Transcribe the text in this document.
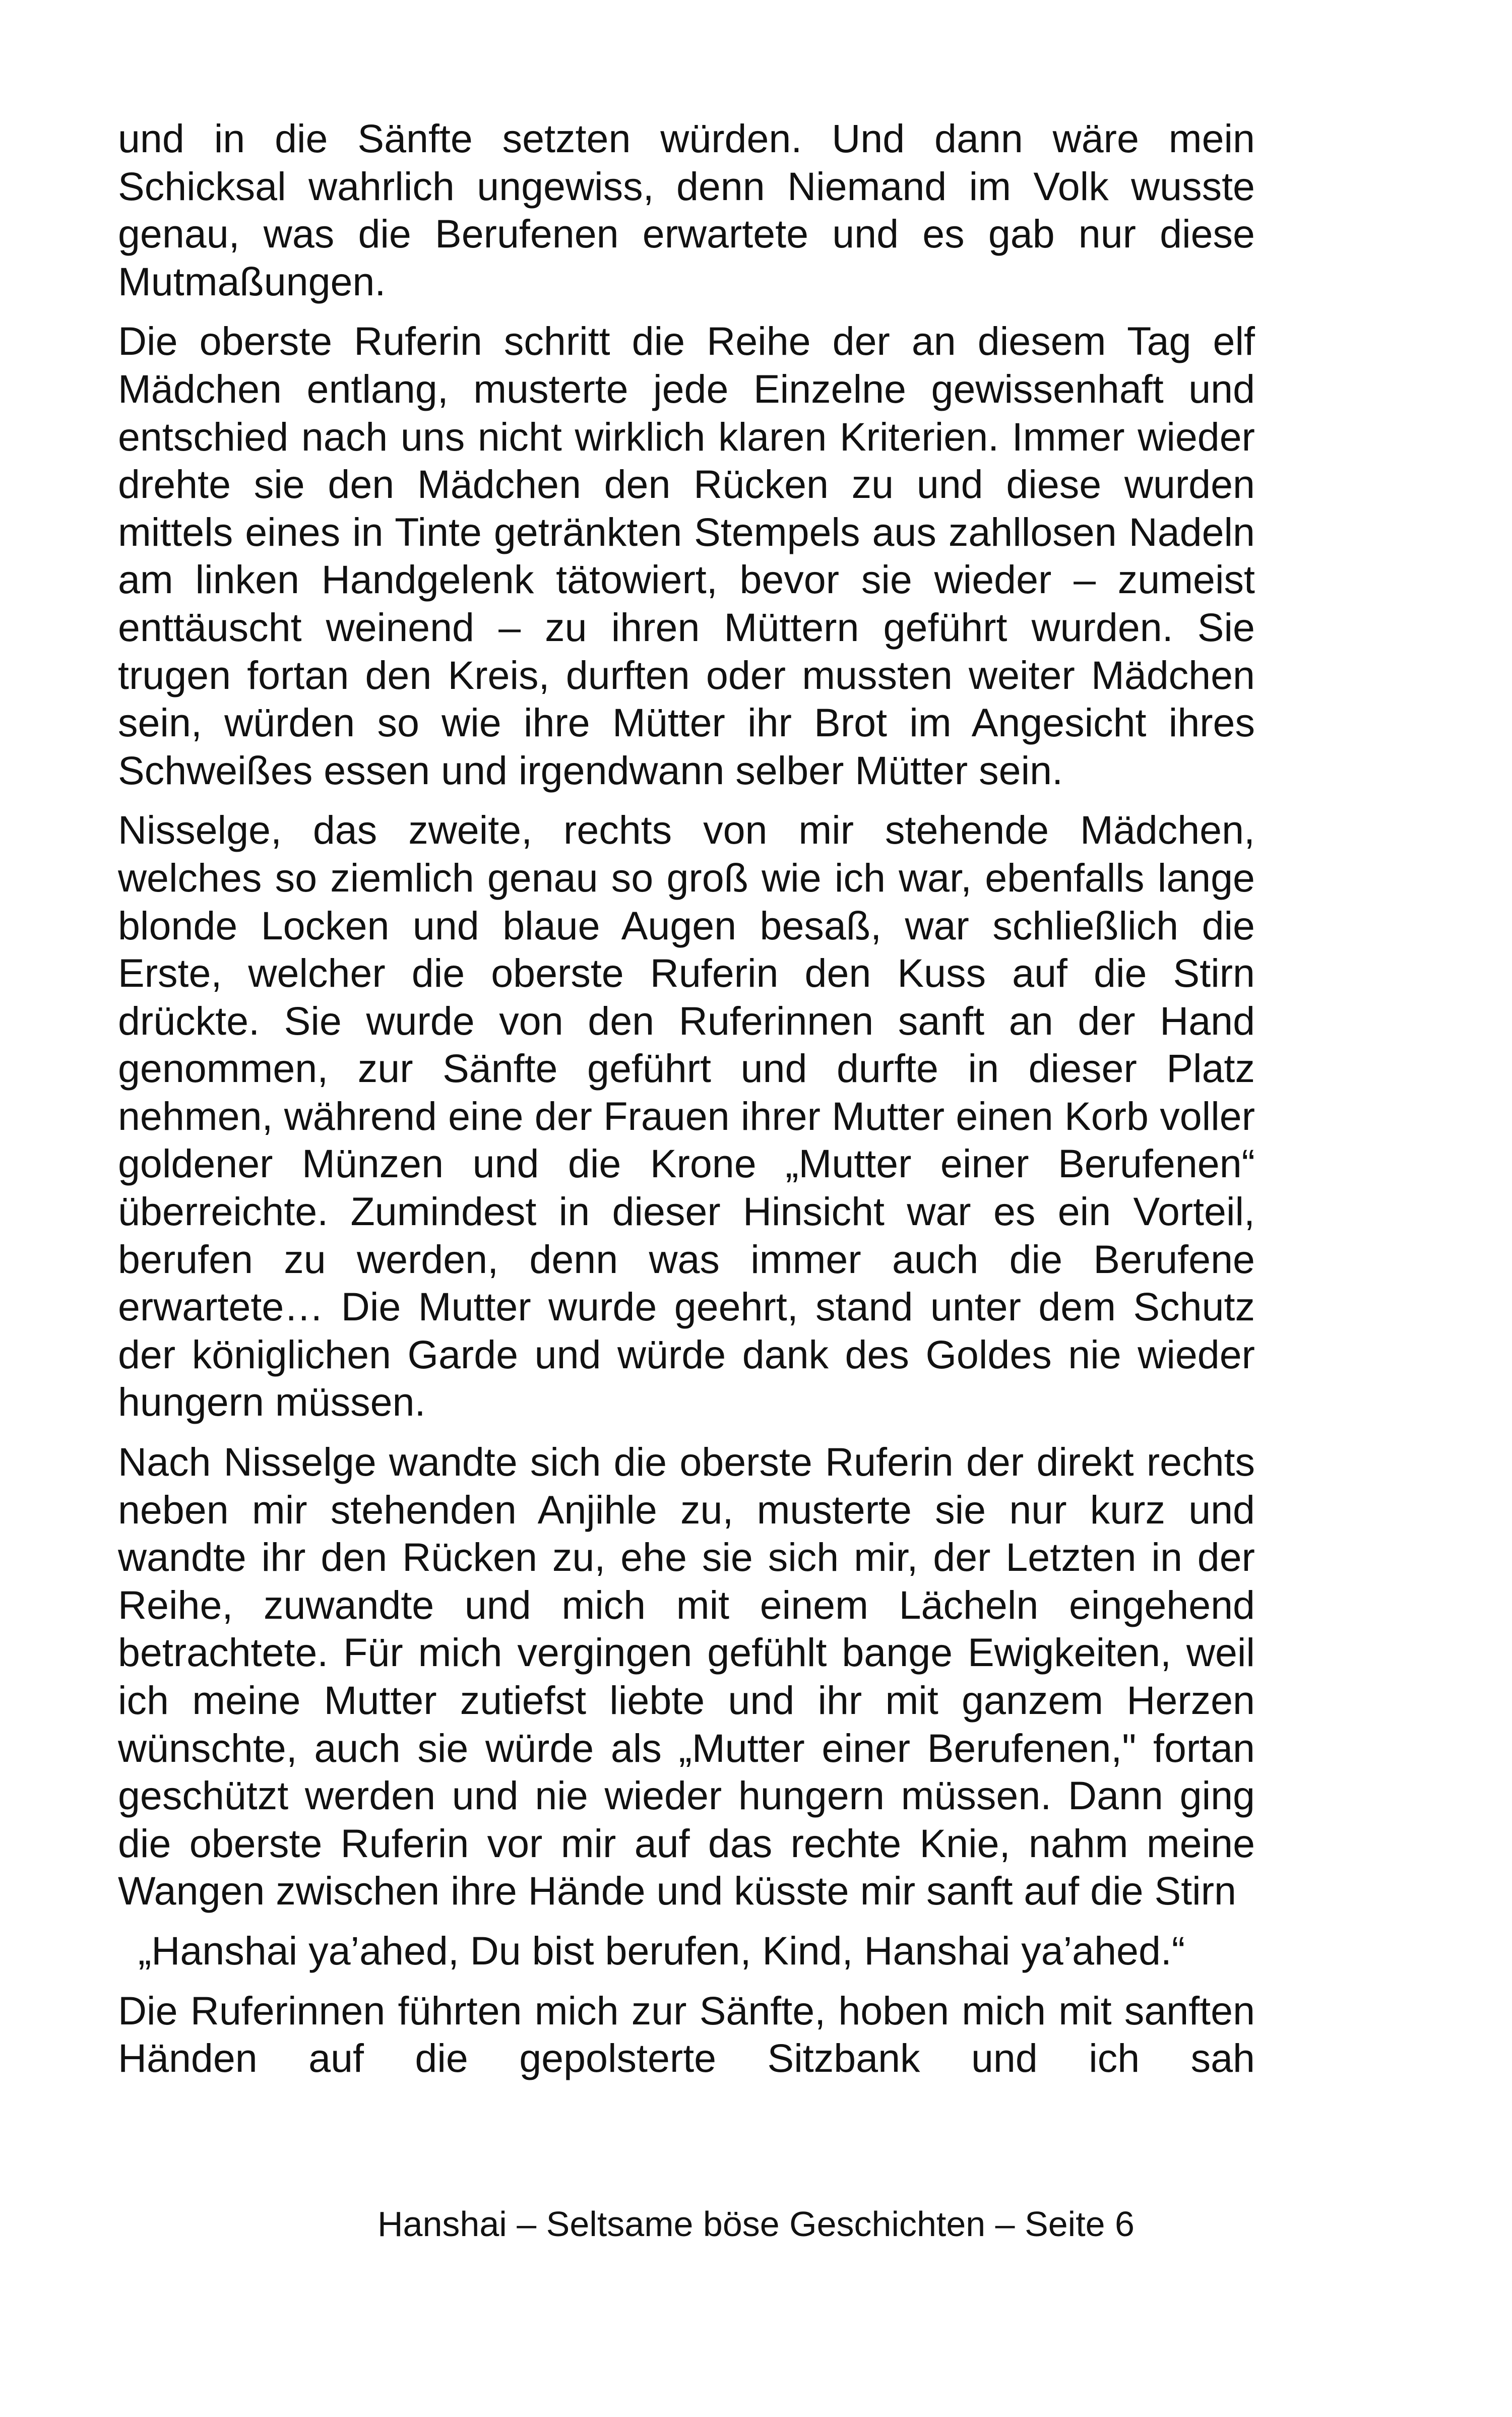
und in die Sänfte setzten würden. Und dann wäre mein Schicksal wahrlich ungewiss, denn Niemand im Volk wusste genau, was die Berufenen erwartete und es gab nur diese Mutmaßungen.

Die oberste Ruferin schritt die Reihe der an diesem Tag elf Mädchen entlang, musterte jede Einzelne gewissenhaft und entschied nach uns nicht wirklich klaren Kriterien. Immer wieder drehte sie den Mädchen den Rücken zu und diese wurden mittels eines in Tinte getränkten Stempels aus zahllosen Nadeln am linken Handgelenk tätowiert, bevor sie wieder – zumeist enttäuscht weinend – zu ihren Müttern geführt wurden. Sie trugen fortan den Kreis, durften oder mussten weiter Mädchen sein, würden so wie ihre Mütter ihr Brot im Angesicht ihres Schweißes essen und irgendwann selber Mütter sein.

Nisselge, das zweite, rechts von mir stehende Mädchen, welches so ziemlich genau so groß wie ich war, ebenfalls lange blonde Locken und blaue Augen besaß, war schließlich die Erste, welcher die oberste Ruferin den Kuss auf die Stirn drückte. Sie wurde von den Ruferinnen sanft an der Hand genommen, zur Sänfte geführt und durfte in dieser Platz nehmen, während eine der Frauen ihrer Mutter einen Korb voller goldener Münzen und die Krone „Mutter einer Berufenen“ überreichte. Zumindest in dieser Hinsicht war es ein Vorteil, berufen zu werden, denn was immer auch die Berufene erwartete… Die Mutter wurde geehrt, stand unter dem Schutz der königlichen Garde und würde dank des Goldes nie wieder hungern müssen.

Nach Nisselge wandte sich die oberste Ruferin der direkt rechts neben mir stehenden Anjihle zu, musterte sie nur kurz und wandte ihr den Rücken zu, ehe sie sich mir, der Letzten in der Reihe, zuwandte und mich mit einem Lächeln eingehend betrachtete. Für mich vergingen gefühlt bange Ewigkeiten, weil ich meine Mutter zutiefst liebte und ihr mit ganzem Herzen wünschte, auch sie würde als „Mutter einer Berufenen," fortan geschützt werden und nie wieder hungern müssen. Dann ging die oberste Ruferin vor mir auf das rechte Knie, nahm meine Wangen zwischen ihre Hände und küsste mir sanft auf die Stirn

„Hanshai ya’ahed, Du bist berufen, Kind, Hanshai ya’ahed.“

Die Ruferinnen führten mich zur Sänfte, hoben mich mit sanften Händen auf die gepolsterte Sitzbank und ich sah

Hanshai – Seltsame böse Geschichten – Seite 6
